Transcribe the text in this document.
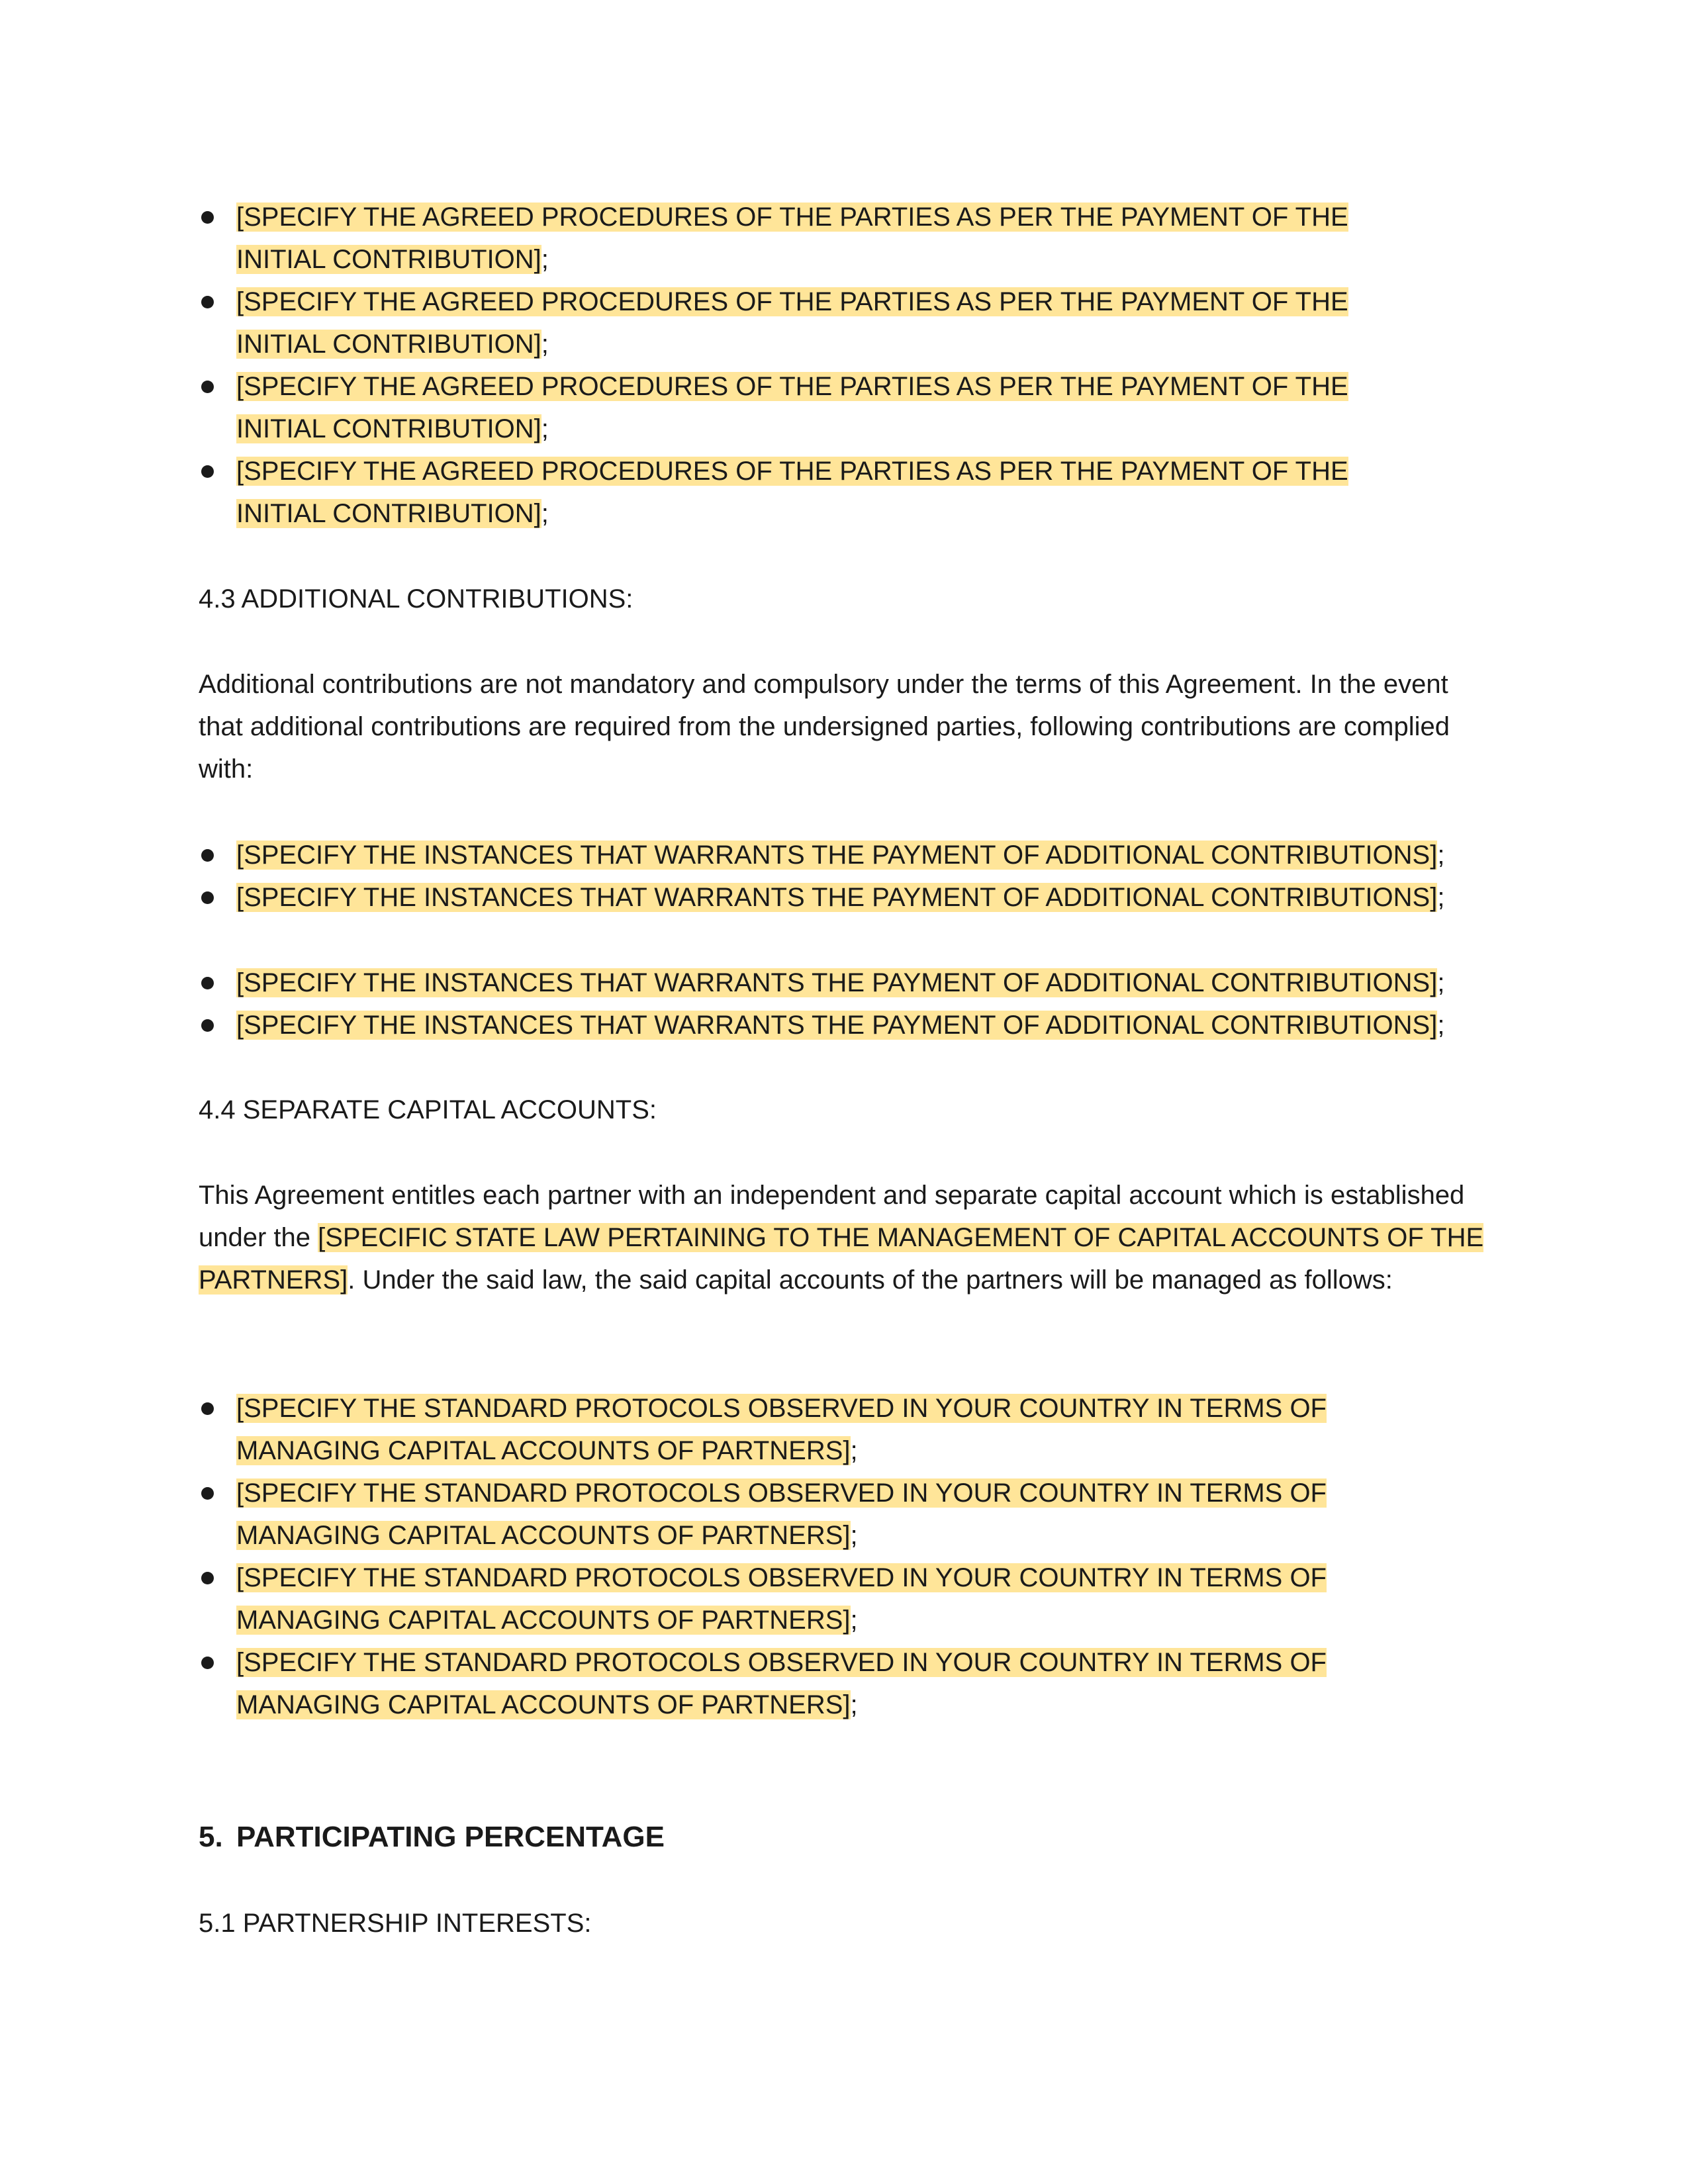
[SPECIFY THE AGREED PROCEDURES OF THE PARTIES AS PER THE PAYMENT OF THE INITIAL CONTRIBUTION];
[SPECIFY THE AGREED PROCEDURES OF THE PARTIES AS PER THE PAYMENT OF THE INITIAL CONTRIBUTION];
[SPECIFY THE AGREED PROCEDURES OF THE PARTIES AS PER THE PAYMENT OF THE INITIAL CONTRIBUTION];
[SPECIFY THE AGREED PROCEDURES OF THE PARTIES AS PER THE PAYMENT OF THE INITIAL CONTRIBUTION];
4.3 ADDITIONAL CONTRIBUTIONS:
Additional contributions are not mandatory and compulsory under the terms of this Agreement. In the event that additional contributions are required from the undersigned parties, following contributions are complied with:
[SPECIFY THE INSTANCES THAT WARRANTS THE PAYMENT OF ADDITIONAL CONTRIBUTIONS];
[SPECIFY THE INSTANCES THAT WARRANTS THE PAYMENT OF ADDITIONAL CONTRIBUTIONS];
[SPECIFY THE INSTANCES THAT WARRANTS THE PAYMENT OF ADDITIONAL CONTRIBUTIONS];
[SPECIFY THE INSTANCES THAT WARRANTS THE PAYMENT OF ADDITIONAL CONTRIBUTIONS];
4.4 SEPARATE CAPITAL ACCOUNTS:
This Agreement entitles each partner with an independent and separate capital account which is established under the [SPECIFIC STATE LAW PERTAINING TO THE MANAGEMENT OF CAPITAL ACCOUNTS OF THE PARTNERS]. Under the said law, the said capital accounts of the partners will be managed as follows:
[SPECIFY THE STANDARD PROTOCOLS OBSERVED IN YOUR COUNTRY IN TERMS OF MANAGING CAPITAL ACCOUNTS OF PARTNERS];
[SPECIFY THE STANDARD PROTOCOLS OBSERVED IN YOUR COUNTRY IN TERMS OF MANAGING CAPITAL ACCOUNTS OF PARTNERS];
[SPECIFY THE STANDARD PROTOCOLS OBSERVED IN YOUR COUNTRY IN TERMS OF MANAGING CAPITAL ACCOUNTS OF PARTNERS];
[SPECIFY THE STANDARD PROTOCOLS OBSERVED IN YOUR COUNTRY IN TERMS OF MANAGING CAPITAL ACCOUNTS OF PARTNERS];
5. PARTICIPATING PERCENTAGE
5.1 PARTNERSHIP INTERESTS:
